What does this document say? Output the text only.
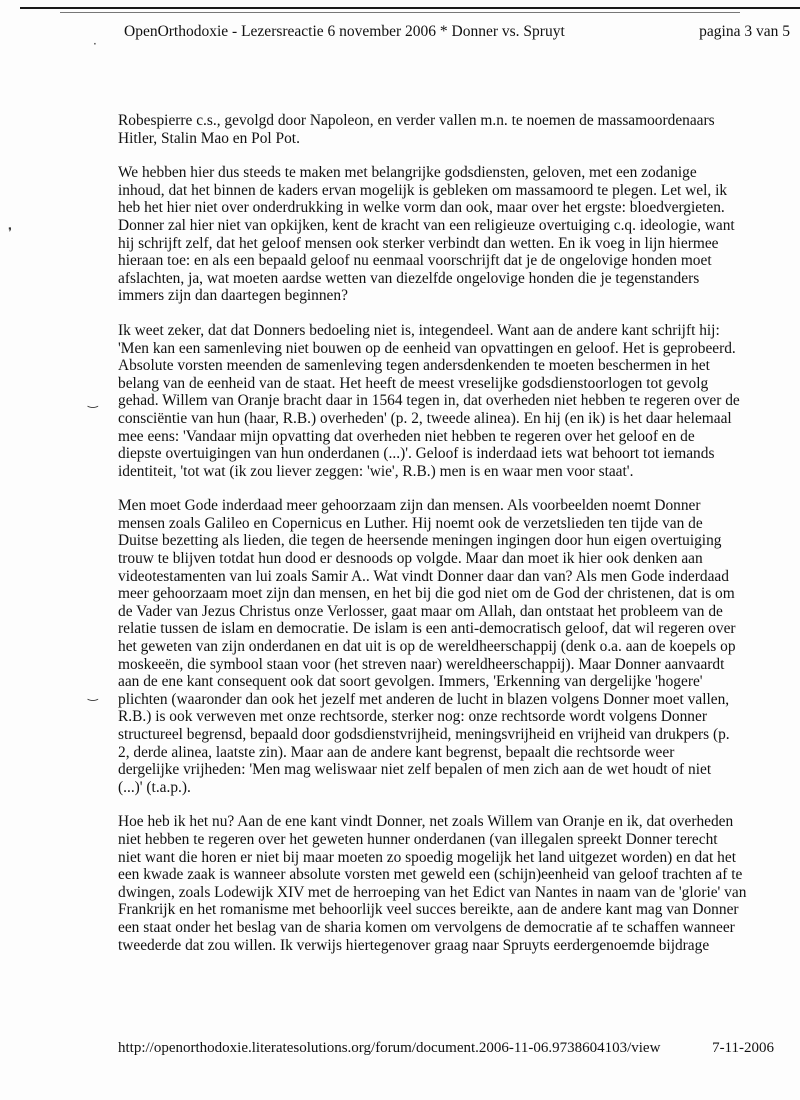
OpenOrthodoxie - Lezersreactie 6 november 2006 * Donner vs. Spruyt	pagina 3 van 5
·
❜
‿
‿
Robespierre c.s., gevolgd door Napoleon, en verder vallen m.n. te noemen de massamoordenaars
Hitler, Stalin Mao en Pol Pot.
We hebben hier dus steeds te maken met belangrijke godsdiensten, geloven, met een zodanige
inhoud, dat het binnen de kaders ervan mogelijk is gebleken om massamoord te plegen. Let wel, ik
heb het hier niet over onderdrukking in welke vorm dan ook, maar over het ergste: bloedvergieten.
Donner zal hier niet van opkijken, kent de kracht van een religieuze overtuiging c.q. ideologie, want
hij schrijft zelf, dat het geloof mensen ook sterker verbindt dan wetten. En ik voeg in lijn hiermee
hieraan toe: en als een bepaald geloof nu eenmaal voorschrijft dat je de ongelovige honden moet
afslachten, ja, wat moeten aardse wetten van diezelfde ongelovige honden die je tegenstanders
immers zijn dan daartegen beginnen?
Ik weet zeker, dat dat Donners bedoeling niet is, integendeel. Want aan de andere kant schrijft hij:
'Men kan een samenleving niet bouwen op de eenheid van opvattingen en geloof. Het is geprobeerd.
Absolute vorsten meenden de samenleving tegen andersdenkenden te moeten beschermen in het
belang van de eenheid van de staat. Het heeft de meest vreselijke godsdienstoorlogen tot gevolg
gehad. Willem van Oranje bracht daar in 1564 tegen in, dat overheden niet hebben te regeren over de
consciëntie van hun (haar, R.B.) overheden' (p. 2, tweede alinea). En hij (en ik) is het daar helemaal
mee eens: 'Vandaar mijn opvatting dat overheden niet hebben te regeren over het geloof en de
diepste overtuigingen van hun onderdanen (...)'. Geloof is inderdaad iets wat behoort tot iemands
identiteit, 'tot wat (ik zou liever zeggen: 'wie', R.B.) men is en waar men voor staat'.
Men moet Gode inderdaad meer gehoorzaam zijn dan mensen. Als voorbeelden noemt Donner
mensen zoals Galileo en Copernicus en Luther. Hij noemt ook de verzetslieden ten tijde van de
Duitse bezetting als lieden, die tegen de heersende meningen ingingen door hun eigen overtuiging
trouw te blijven totdat hun dood er desnoods op volgde. Maar dan moet ik hier ook denken aan
videotestamenten van lui zoals Samir A.. Wat vindt Donner daar dan van? Als men Gode inderdaad
meer gehoorzaam moet zijn dan mensen, en het bij die god niet om de God der christenen, dat is om
de Vader van Jezus Christus onze Verlosser, gaat maar om Allah, dan ontstaat het probleem van de
relatie tussen de islam en democratie. De islam is een anti-democratisch geloof, dat wil regeren over
het geweten van zijn onderdanen en dat uit is op de wereldheerschappij (denk o.a. aan de koepels op
moskeeën, die symbool staan voor (het streven naar) wereldheerschappij). Maar Donner aanvaardt
aan de ene kant consequent ook dat soort gevolgen. Immers, 'Erkenning van dergelijke 'hogere'
plichten (waaronder dan ook het jezelf met anderen de lucht in blazen volgens Donner moet vallen,
R.B.) is ook verweven met onze rechtsorde, sterker nog: onze rechtsorde wordt volgens Donner
structureel begrensd, bepaald door godsdienstvrijheid, meningsvrijheid en vrijheid van drukpers (p.
2, derde alinea, laatste zin). Maar aan de andere kant begrenst, bepaalt die rechtsorde weer
dergelijke vrijheden: 'Men mag weliswaar niet zelf bepalen of men zich aan de wet houdt of niet
(...)' (t.a.p.).
Hoe heb ik het nu? Aan de ene kant vindt Donner, net zoals Willem van Oranje en ik, dat overheden
niet hebben te regeren over het geweten hunner onderdanen (van illegalen spreekt Donner terecht
niet want die horen er niet bij maar moeten zo spoedig mogelijk het land uitgezet worden) en dat het
een kwade zaak is wanneer absolute vorsten met geweld een (schijn)eenheid van geloof trachten af te
dwingen, zoals Lodewijk XIV met de herroeping van het Edict van Nantes in naam van de 'glorie' van
Frankrijk en het romanisme met behoorlijk veel succes bereikte, aan de andere kant mag van Donner
een staat onder het beslag van de sharia komen om vervolgens de democratie af te schaffen wanneer
tweederde dat zou willen. Ik verwijs hiertegenover graag naar Spruyts eerdergenoemde bijdrage
http://openorthodoxie.literatesolutions.org/forum/document.2006-11-06.9738604103/view	7-11-2006
